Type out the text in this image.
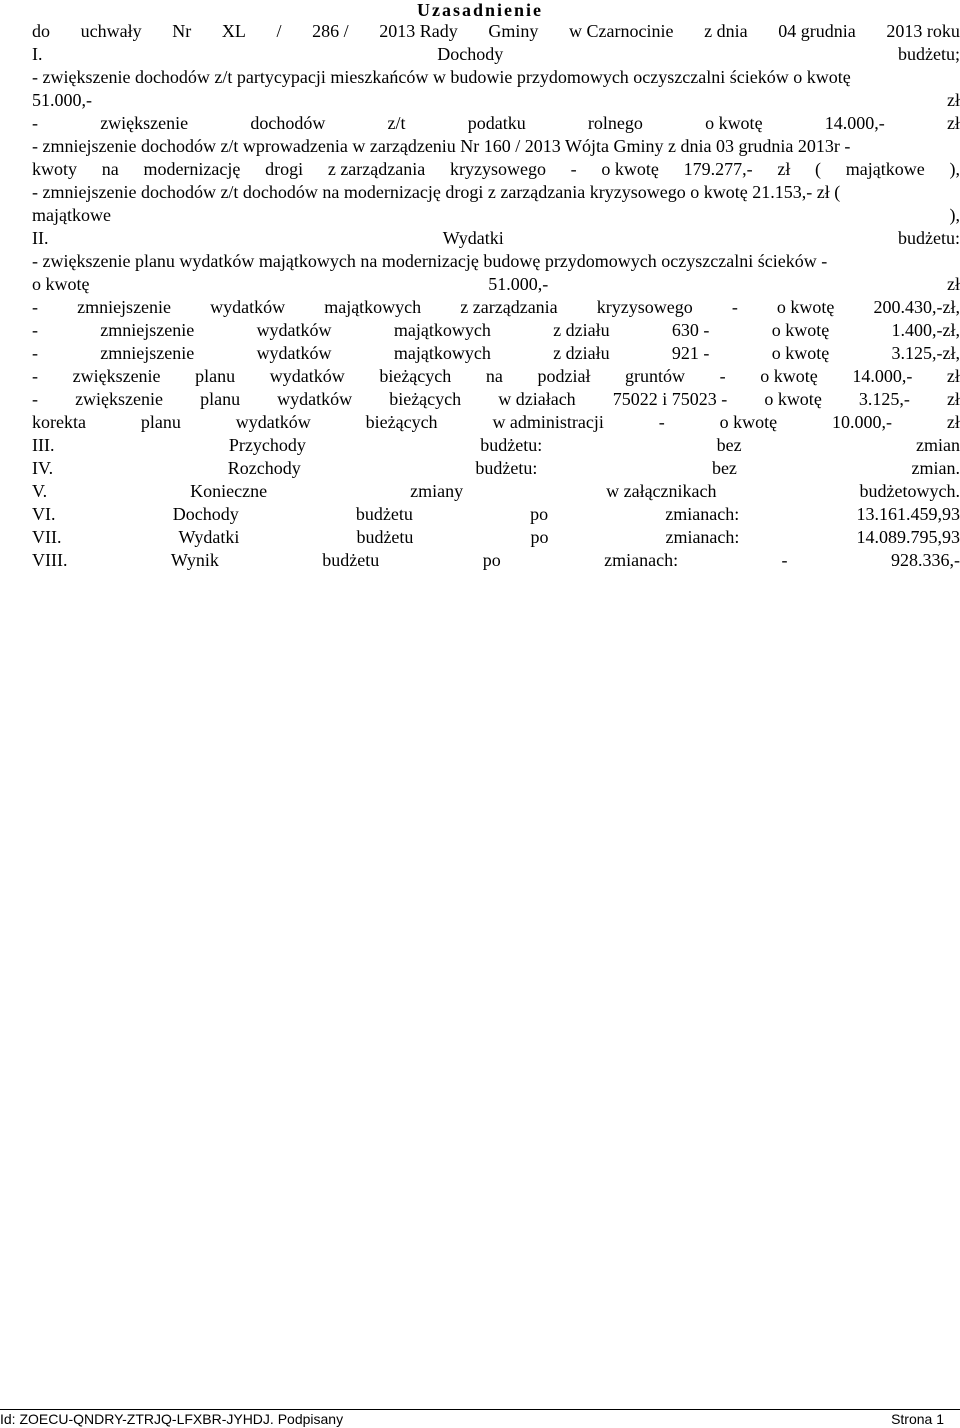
Uzasadnienie
do uchwały Nr XL / 286 / 2013 Rady Gminy w Czarnocinie z dnia 04 grudnia 2013 roku
I.	Dochody	budżetu;
- zwiększenie dochodów z/t partycypacji mieszkańców w budowie przydomowych oczyszczalni ścieków o kwotę
51.000,-	zł
-	zwiększenie	dochodów	z/t	podatku	rolnego	o kwotę	14.000,-	zł
- zmniejszenie dochodów z/t wprowadzenia w zarządzeniu Nr 160 / 2013 Wójta Gminy z dnia 03 grudnia 2013r -
kwoty na modernizację drogi z zarządzania kryzysowego - o kwotę 179.277,- zł ( majątkowe ),
- zmniejszenie dochodów z/t dochodów na modernizację drogi z zarządzania kryzysowego o kwotę 21.153,- zł (
majątkowe	),
II.	Wydatki	budżetu:
- zwiększenie planu wydatków majątkowych na modernizację budowę przydomowych oczyszczalni ścieków -
o kwotę	51.000,-	zł
- zmniejszenie wydatków majątkowych z zarządzania kryzysowego - o kwotę 200.430,-zł,
-	zmniejszenie	wydatków	majątkowych	z działu	630 -	o kwotę	1.400,-zł,
-	zmniejszenie	wydatków	majątkowych	z działu	921 -	o kwotę	3.125,-zł,
- zwiększenie planu wydatków bieżących na podział gruntów - o kwotę 14.000,- zł
- zwiększenie planu wydatków bieżących w działach 75022 i 75023 - o kwotę 3.125,- zł
korekta	planu	wydatków	bieżących	w administracji	-	o kwotę	10.000,-	zł
III.	Przychody	budżetu:	bez	zmian
IV.	Rozchody	budżetu:	bez	zmian.
V.	Konieczne	zmiany	w załącznikach	budżetowych.
VI.	Dochody	budżetu	po	zmianach:	13.161.459,93
VII.	Wydatki	budżetu	po	zmianach:	14.089.795,93
VIII.	Wynik	budżetu	po	zmianach:	-	928.336,-
Id: ZOECU-QNDRY-ZTRJQ-LFXBR-JYHDJ. Podpisany	Strona 1
